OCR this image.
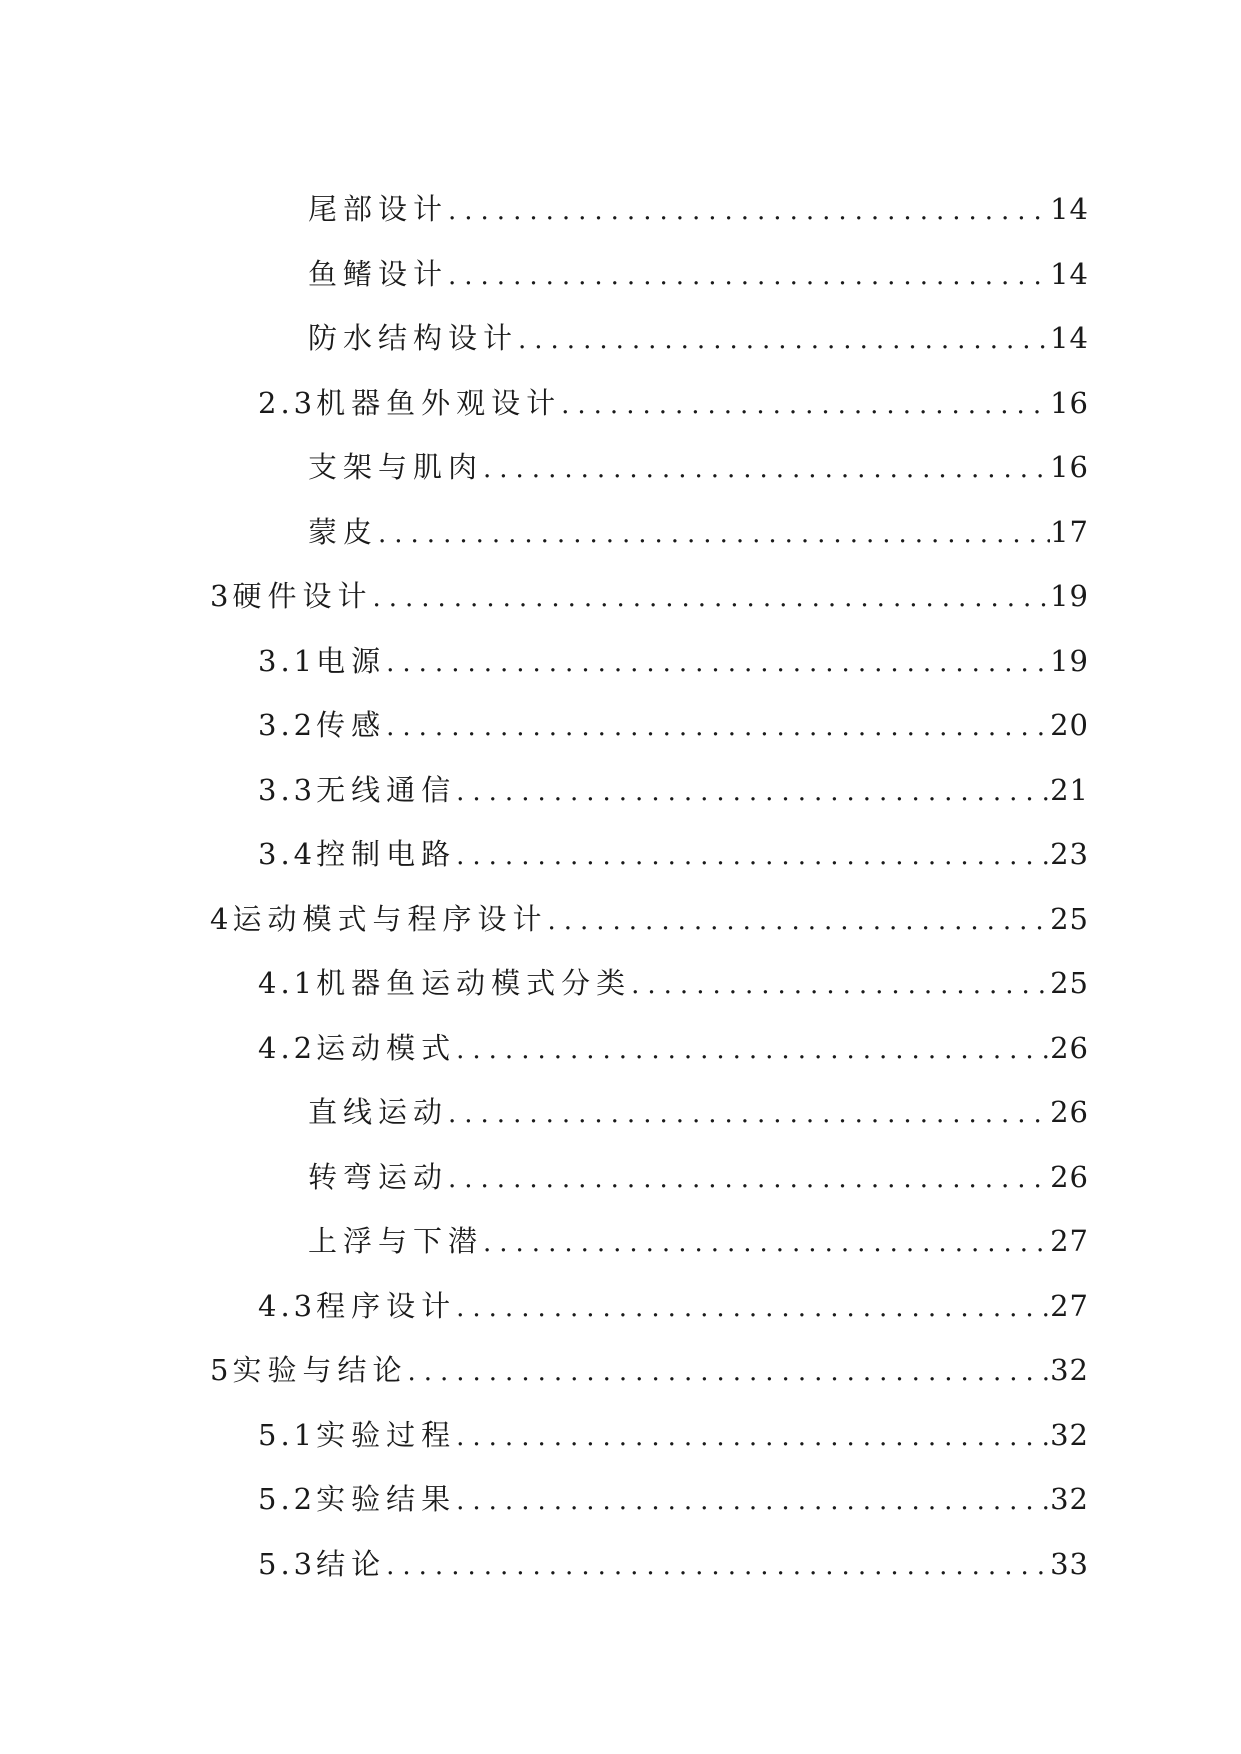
尾部设计 .....	14
鱼鳍设计 .....	14
防水结构设计 .....	14
2.3 机器鱼外观设计 .....	16
支架与肌肉 .....	16
蒙皮 .....	17
3 硬件设计 .....	19
3.1 电源 .....	19
3.2 传感 .....	20
3.3 无线通信 .....	21
3.4 控制电路 .....	23
4 运动模式与程序设计 .....	25
4.1 机器鱼运动模式分类 .....	25
4.2 运动模式 .....	26
直线运动 .....	26
转弯运动 .....	26
上浮与下潜 .....	27
4.3 程序设计 .....	27
5 实验与结论 .....	32
5.1 实验过程 .....	32
5.2 实验结果 .....	32
5.3 结论 .....	33
